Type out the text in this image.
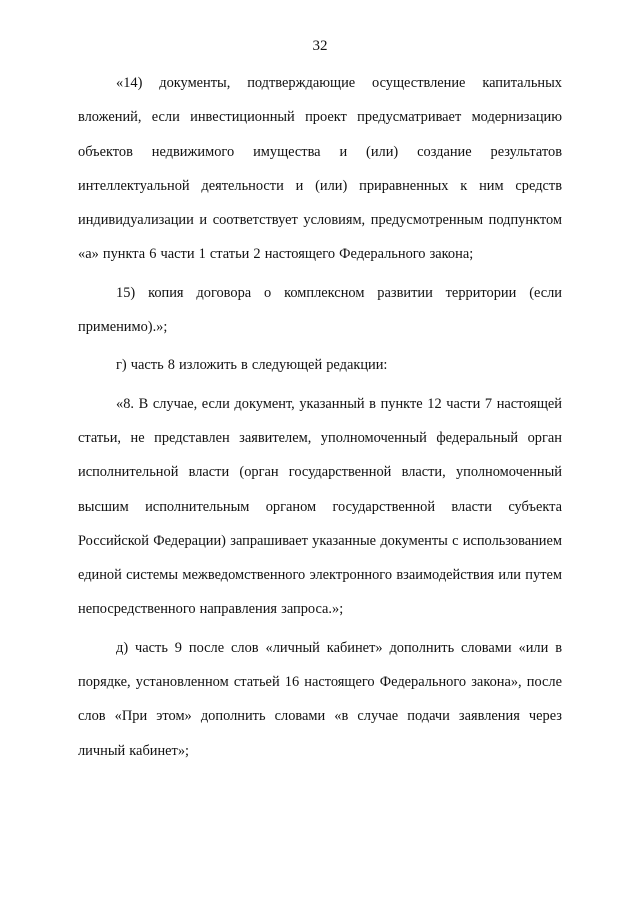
32

«14) документы, подтверждающие осуществление капитальных вложений, если инвестиционный проект предусматривает модернизацию объектов недвижимого имущества и (или) создание результатов интеллектуальной деятельности и (или) приравненных к ним средств индивидуализации и соответствует условиям, предусмотренным подпунктом «а» пункта 6 части 1 статьи 2 настоящего Федерального закона;

15) копия договора о комплексном развитии территории (если применимо).»;

г) часть 8 изложить в следующей редакции:

«8. В случае, если документ, указанный в пункте 12 части 7 настоящей статьи, не представлен заявителем, уполномоченный федеральный орган исполнительной власти (орган государственной власти, уполномоченный высшим исполнительным органом государственной власти субъекта Российской Федерации) запрашивает указанные документы с использованием единой системы межведомственного электронного взаимодействия или путем непосредственного направления запроса.»;

д) часть 9 после слов «личный кабинет» дополнить словами «или в порядке, установленном статьей 16 настоящего Федерального закона», после слов «При этом» дополнить словами «в случае подачи заявления через личный кабинет»;
